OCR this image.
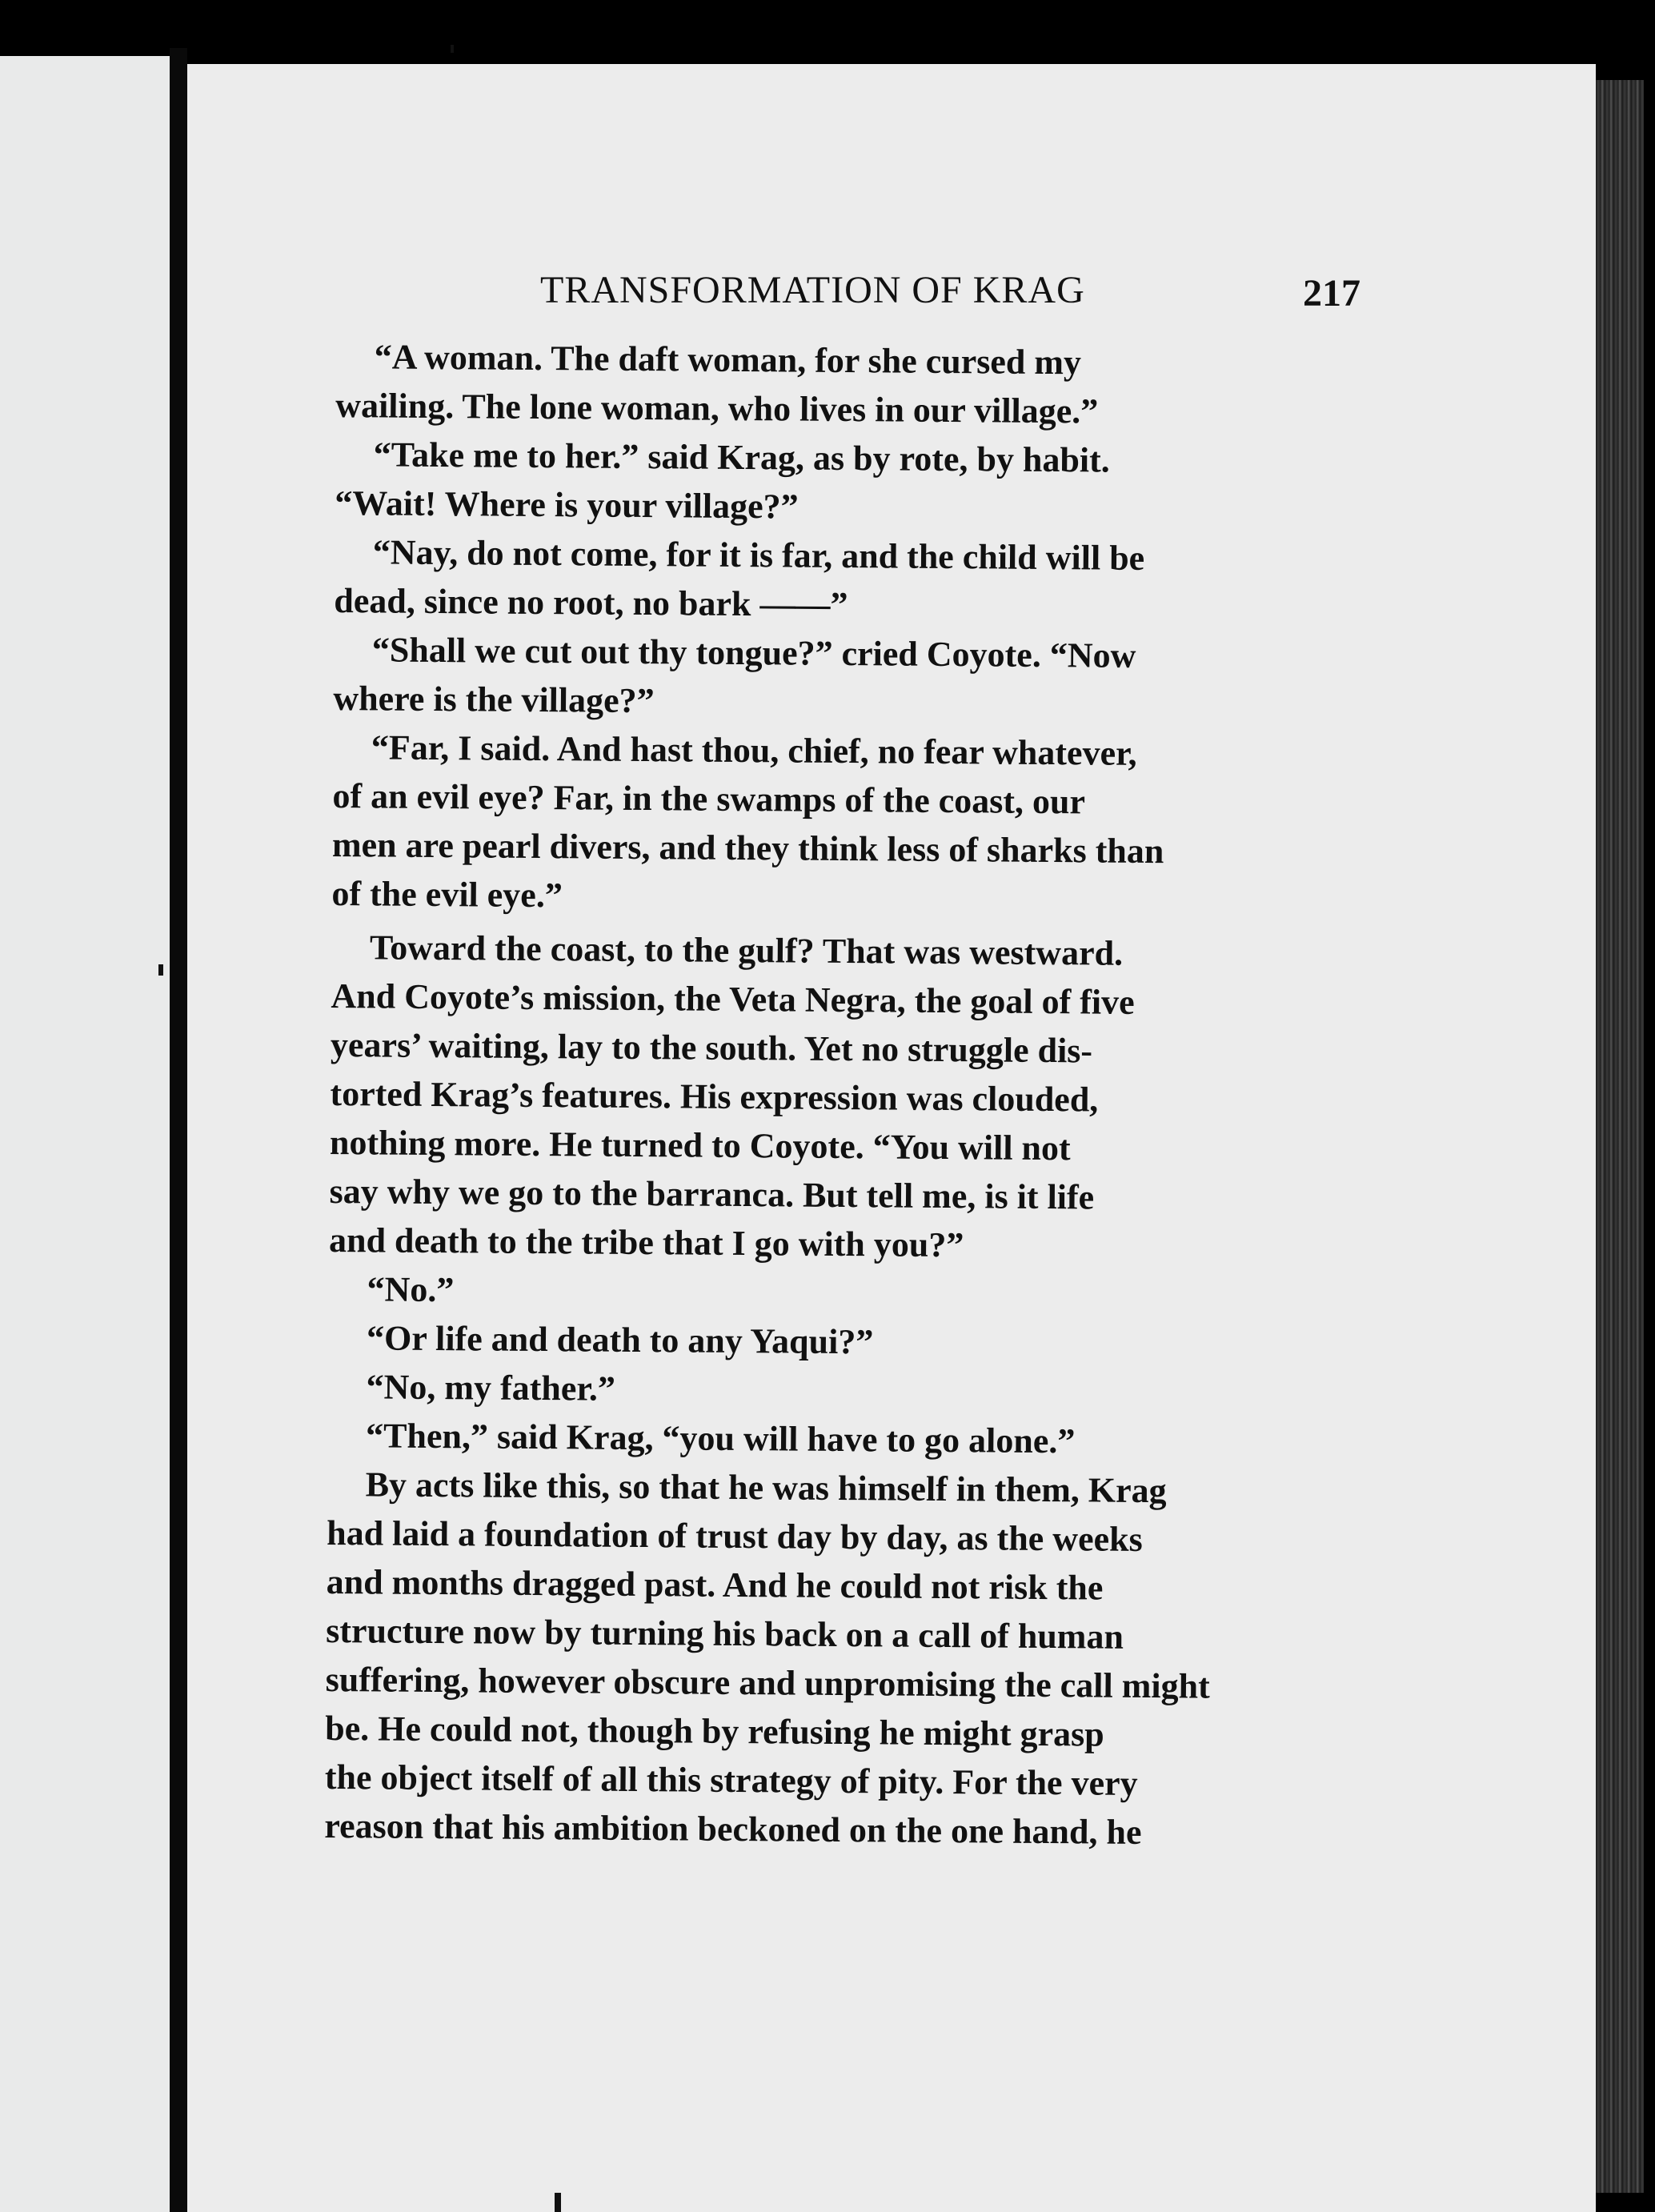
TRANSFORMATION OF KRAG	217

“A woman. The daft woman, for she cursed my
wailing. The lone woman, who lives in our village.”

“Take me to her.” said Krag, as by rote, by habit.
“Wait! Where is your village?”

“Nay, do not come, for it is far, and the child will be
dead, since no root, no bark ——”

“Shall we cut out thy tongue?” cried Coyote. “Now
where is the village?”

“Far, I said. And hast thou, chief, no fear whatever,
of an evil eye? Far, in the swamps of the coast, our
men are pearl divers, and they think less of sharks than
of the evil eye.”

Toward the coast, to the gulf? That was westward.
And Coyote’s mission, the Veta Negra, the goal of five
years’ waiting, lay to the south. Yet no struggle dis-
torted Krag’s features. His expression was clouded,
nothing more. He turned to Coyote. “You will not
say why we go to the barranca. But tell me, is it life
and death to the tribe that I go with you?”

“No.”

“Or life and death to any Yaqui?”

“No, my father.”

“Then,” said Krag, “you will have to go alone.”

By acts like this, so that he was himself in them, Krag
had laid a foundation of trust day by day, as the weeks
and months dragged past. And he could not risk the
structure now by turning his back on a call of human
suffering, however obscure and unpromising the call might
be. He could not, though by refusing he might grasp
the object itself of all this strategy of pity. For the very
reason that his ambition beckoned on the one hand, he
